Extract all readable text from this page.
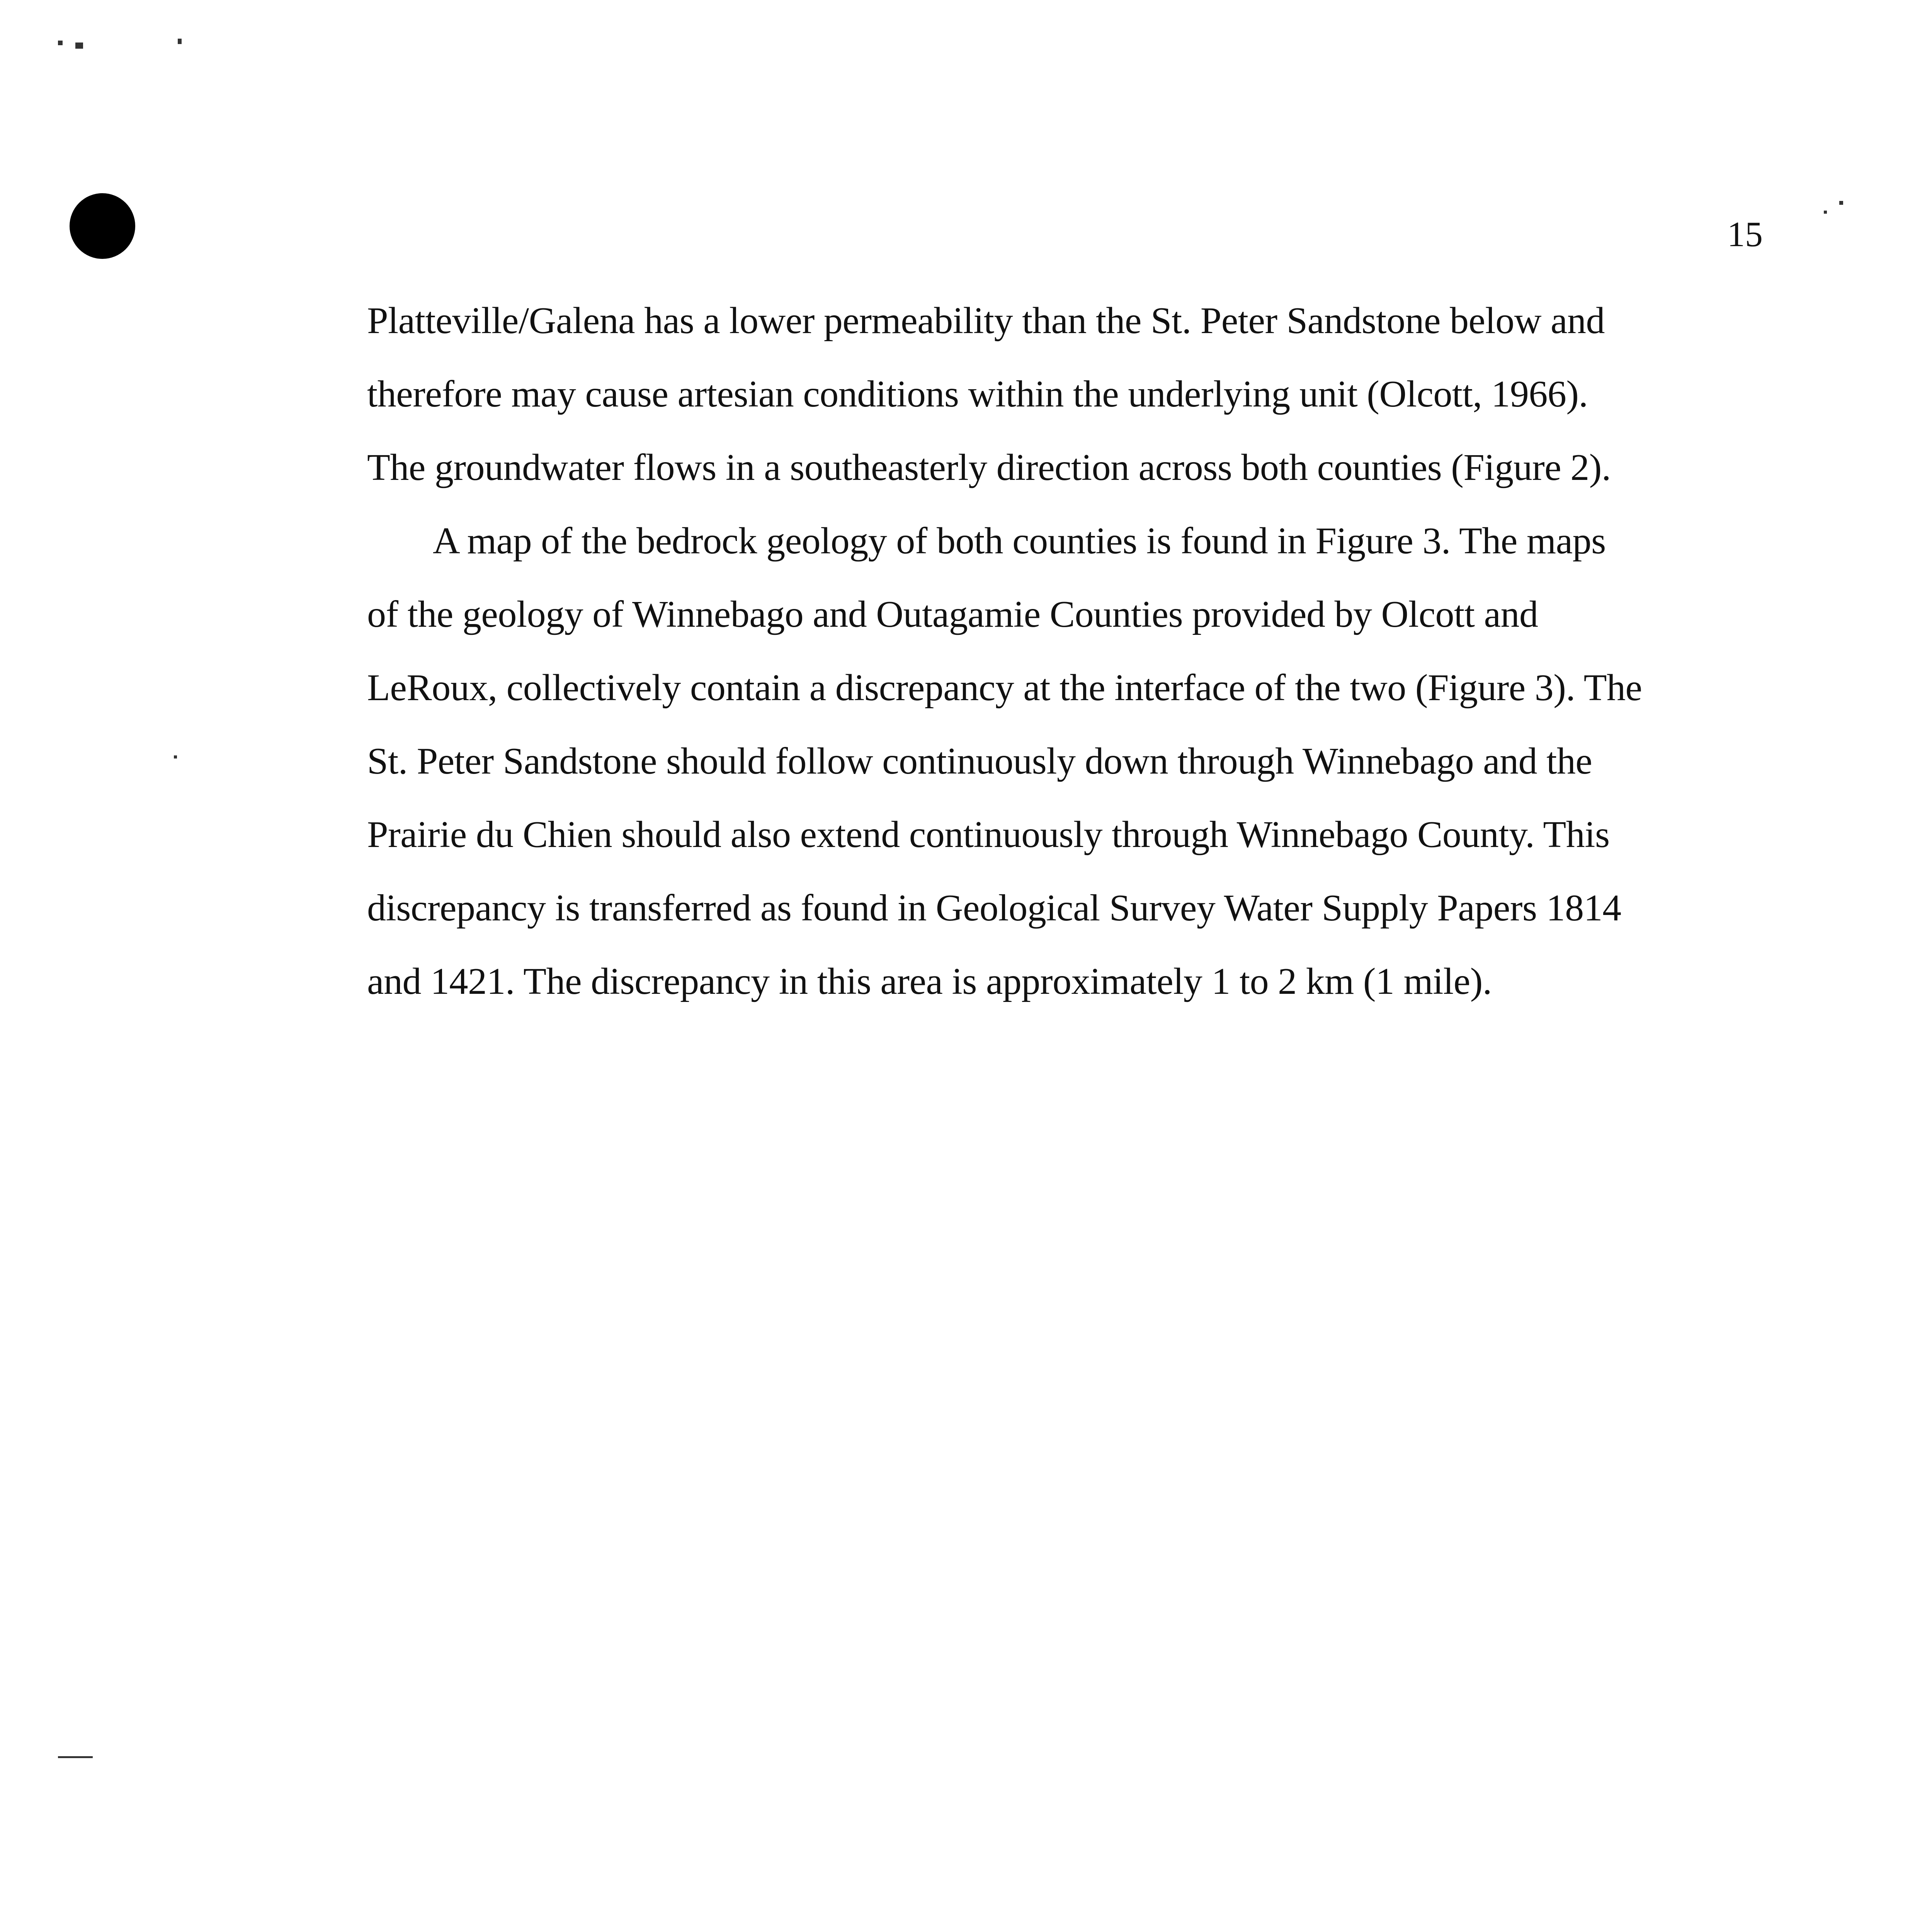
15
Platteville/Galena has a lower permeability than the St. Peter Sandstone below and
therefore may cause artesian conditions within the underlying unit (Olcott, 1966).
The groundwater flows in a southeasterly direction across both counties (Figure 2).
A map of the bedrock geology of both counties is found in Figure 3. The maps
of the geology of Winnebago and Outagamie Counties provided by Olcott and
LeRoux, collectively contain a discrepancy at the interface of the two (Figure 3). The
St. Peter Sandstone should follow continuously down through Winnebago and the
Prairie du Chien should also extend continuously through Winnebago County. This
discrepancy is transferred as found in Geological Survey Water Supply Papers 1814
and 1421. The discrepancy in this area is approximately 1 to 2 km (1 mile).
